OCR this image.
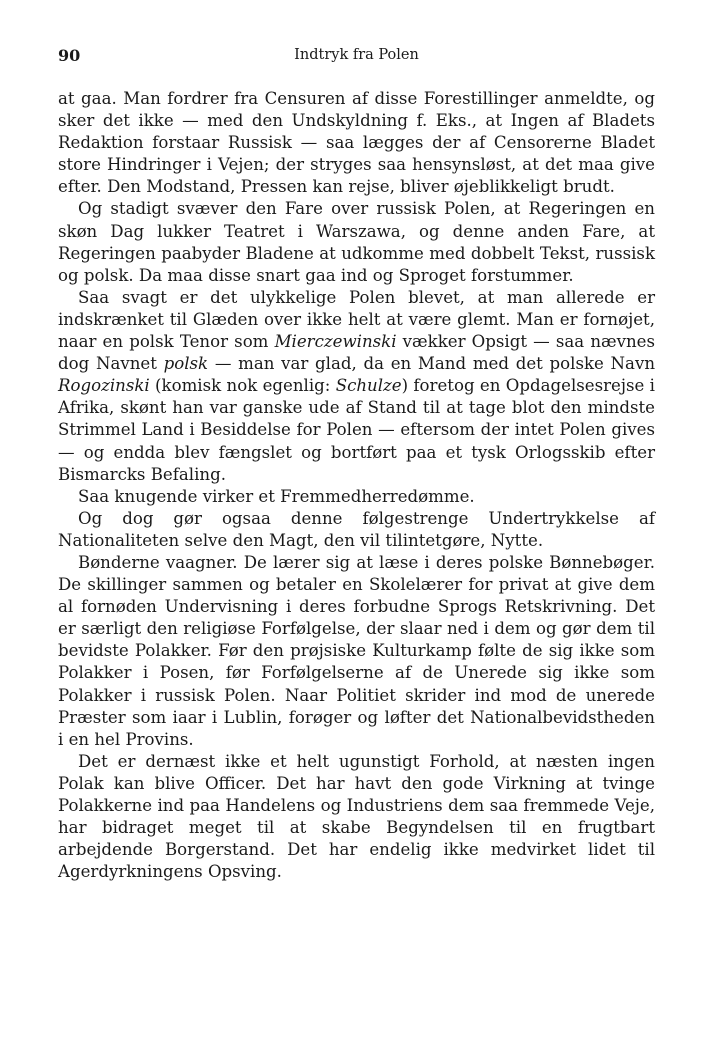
90	Indtryk fra Polen

at gaa. Man fordrer fra Censuren af disse Forestillinger anmeldte, og sker det ikke — med den Undskyldning f. Eks., at Ingen af Bladets Redaktion forstaar Russisk — saa lægges der af Censorerne Bladet store Hindringer i Vejen; der stryges saa hensynsløst, at det maa give efter. Den Modstand, Pressen kan rejse, bliver øjeblikkeligt brudt.

Og stadigt svæver den Fare over russisk Polen, at Regeringen en skøn Dag lukker Teatret i Warszawa, og denne anden Fare, at Regeringen paabyder Bladene at udkomme med dobbelt Tekst, russisk og polsk. Da maa disse snart gaa ind og Sproget forstummer.

Saa svagt er det ulykkelige Polen blevet, at man allerede er indskrænket til Glæden over ikke helt at være glemt. Man er fornøjet, naar en polsk Tenor som Mierczewinski vækker Opsigt — saa nævnes dog Navnet polsk — man var glad, da en Mand med det polske Navn Rogozinski (komisk nok egenlig: Schulze) foretog en Opdagelsesrejse i Afrika, skønt han var ganske ude af Stand til at tage blot den mindste Strimmel Land i Besiddelse for Polen — eftersom der intet Polen gives — og endda blev fængslet og bortført paa et tysk Orlogsskib efter Bismarcks Befaling.

Saa knugende virker et Fremmedherredømme.

Og dog gør ogsaa denne følgestrenge Undertrykkelse af Nationaliteten selve den Magt, den vil tilintetgøre, Nytte.

Bønderne vaagner. De lærer sig at læse i deres polske Bønnebøger. De skillinger sammen og betaler en Skolelærer for privat at give dem al fornøden Undervisning i deres forbudne Sprogs Retskrivning. Det er særligt den religiøse Forfølgelse, der slaar ned i dem og gør dem til bevidste Polakker. Før den prøjsiske Kulturkamp følte de sig ikke som Polakker i Posen, før Forfølgelserne af de Unerede sig ikke som Polakker i russisk Polen. Naar Politiet skrider ind mod de unerede Præster som iaar i Lublin, forøger og løfter det Nationalbevidstheden i en hel Provins.

Det er dernæst ikke et helt ugunstigt Forhold, at næsten ingen Polak kan blive Officer. Det har havt den gode Virkning at tvinge Polakkerne ind paa Handelens og Industriens dem saa fremmede Veje, har bidraget meget til at skabe Begyndelsen til en frugtbart arbejdende Borgerstand. Det har endelig ikke medvirket lidet til Agerdyrkningens Opsving.
